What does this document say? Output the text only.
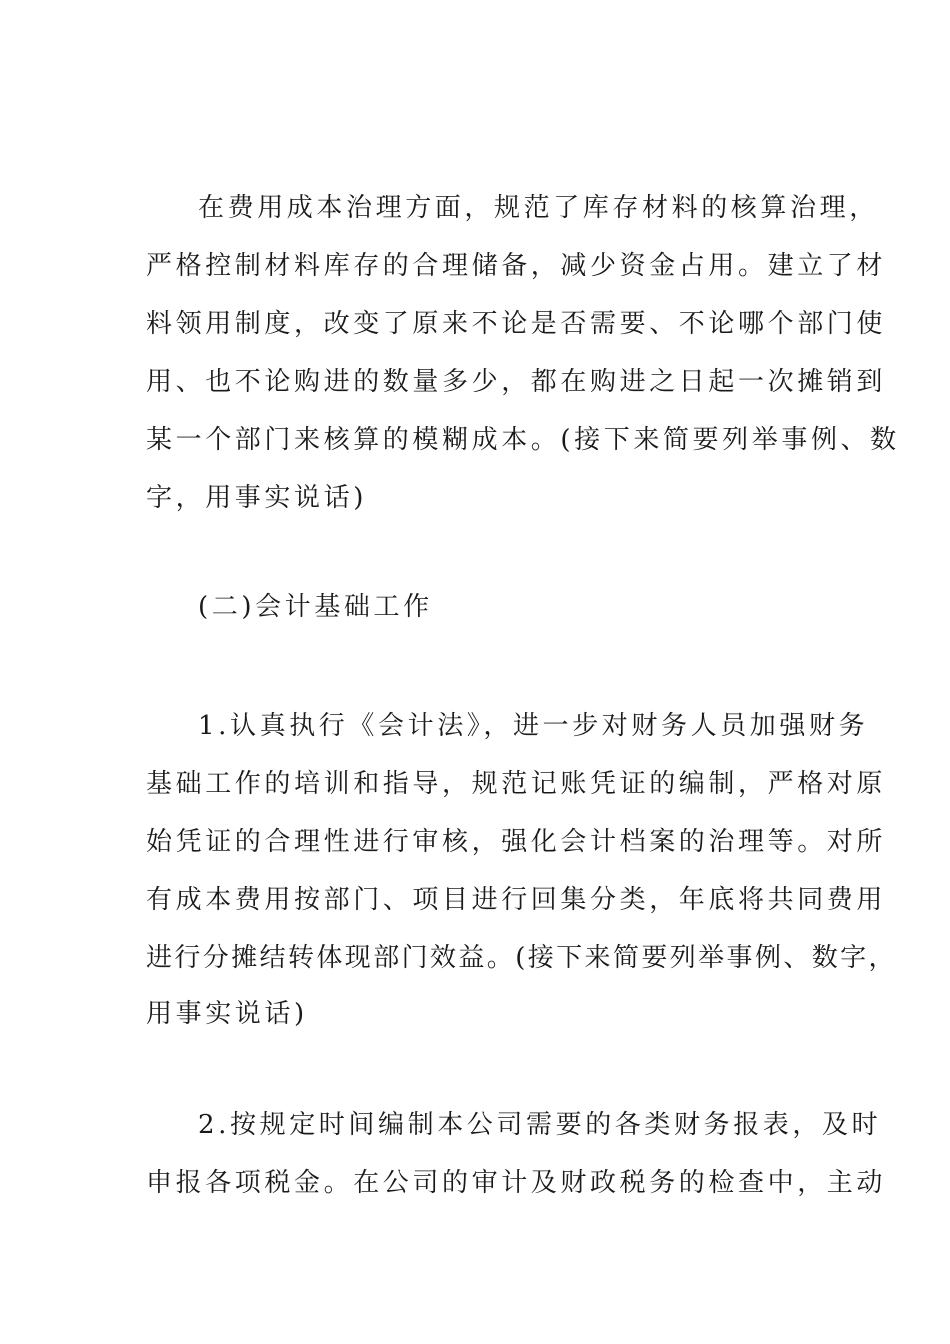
在费用成本治理方面，规范了库存材料的核算治理，
严格控制材料库存的合理储备，减少资金占用。建立了材
料领用制度，改变了原来不论是否需要、不论哪个部门使
用、也不论购进的数量多少，都在购进之日起一次摊销到
某一个部门来核算的模糊成本。(接下来简要列举事例、数
字，用事实说话)
(二)会计基础工作
1.认真执行《会计法》，进一步对财务人员加强财务
基础工作的培训和指导，规范记账凭证的编制，严格对原
始凭证的合理性进行审核，强化会计档案的治理等。对所
有成本费用按部门、项目进行回集分类，年底将共同费用
进行分摊结转体现部门效益。(接下来简要列举事例、数字，
用事实说话)
2.按规定时间编制本公司需要的各类财务报表，及时
申报各项税金。在公司的审计及财政税务的检查中，主动
